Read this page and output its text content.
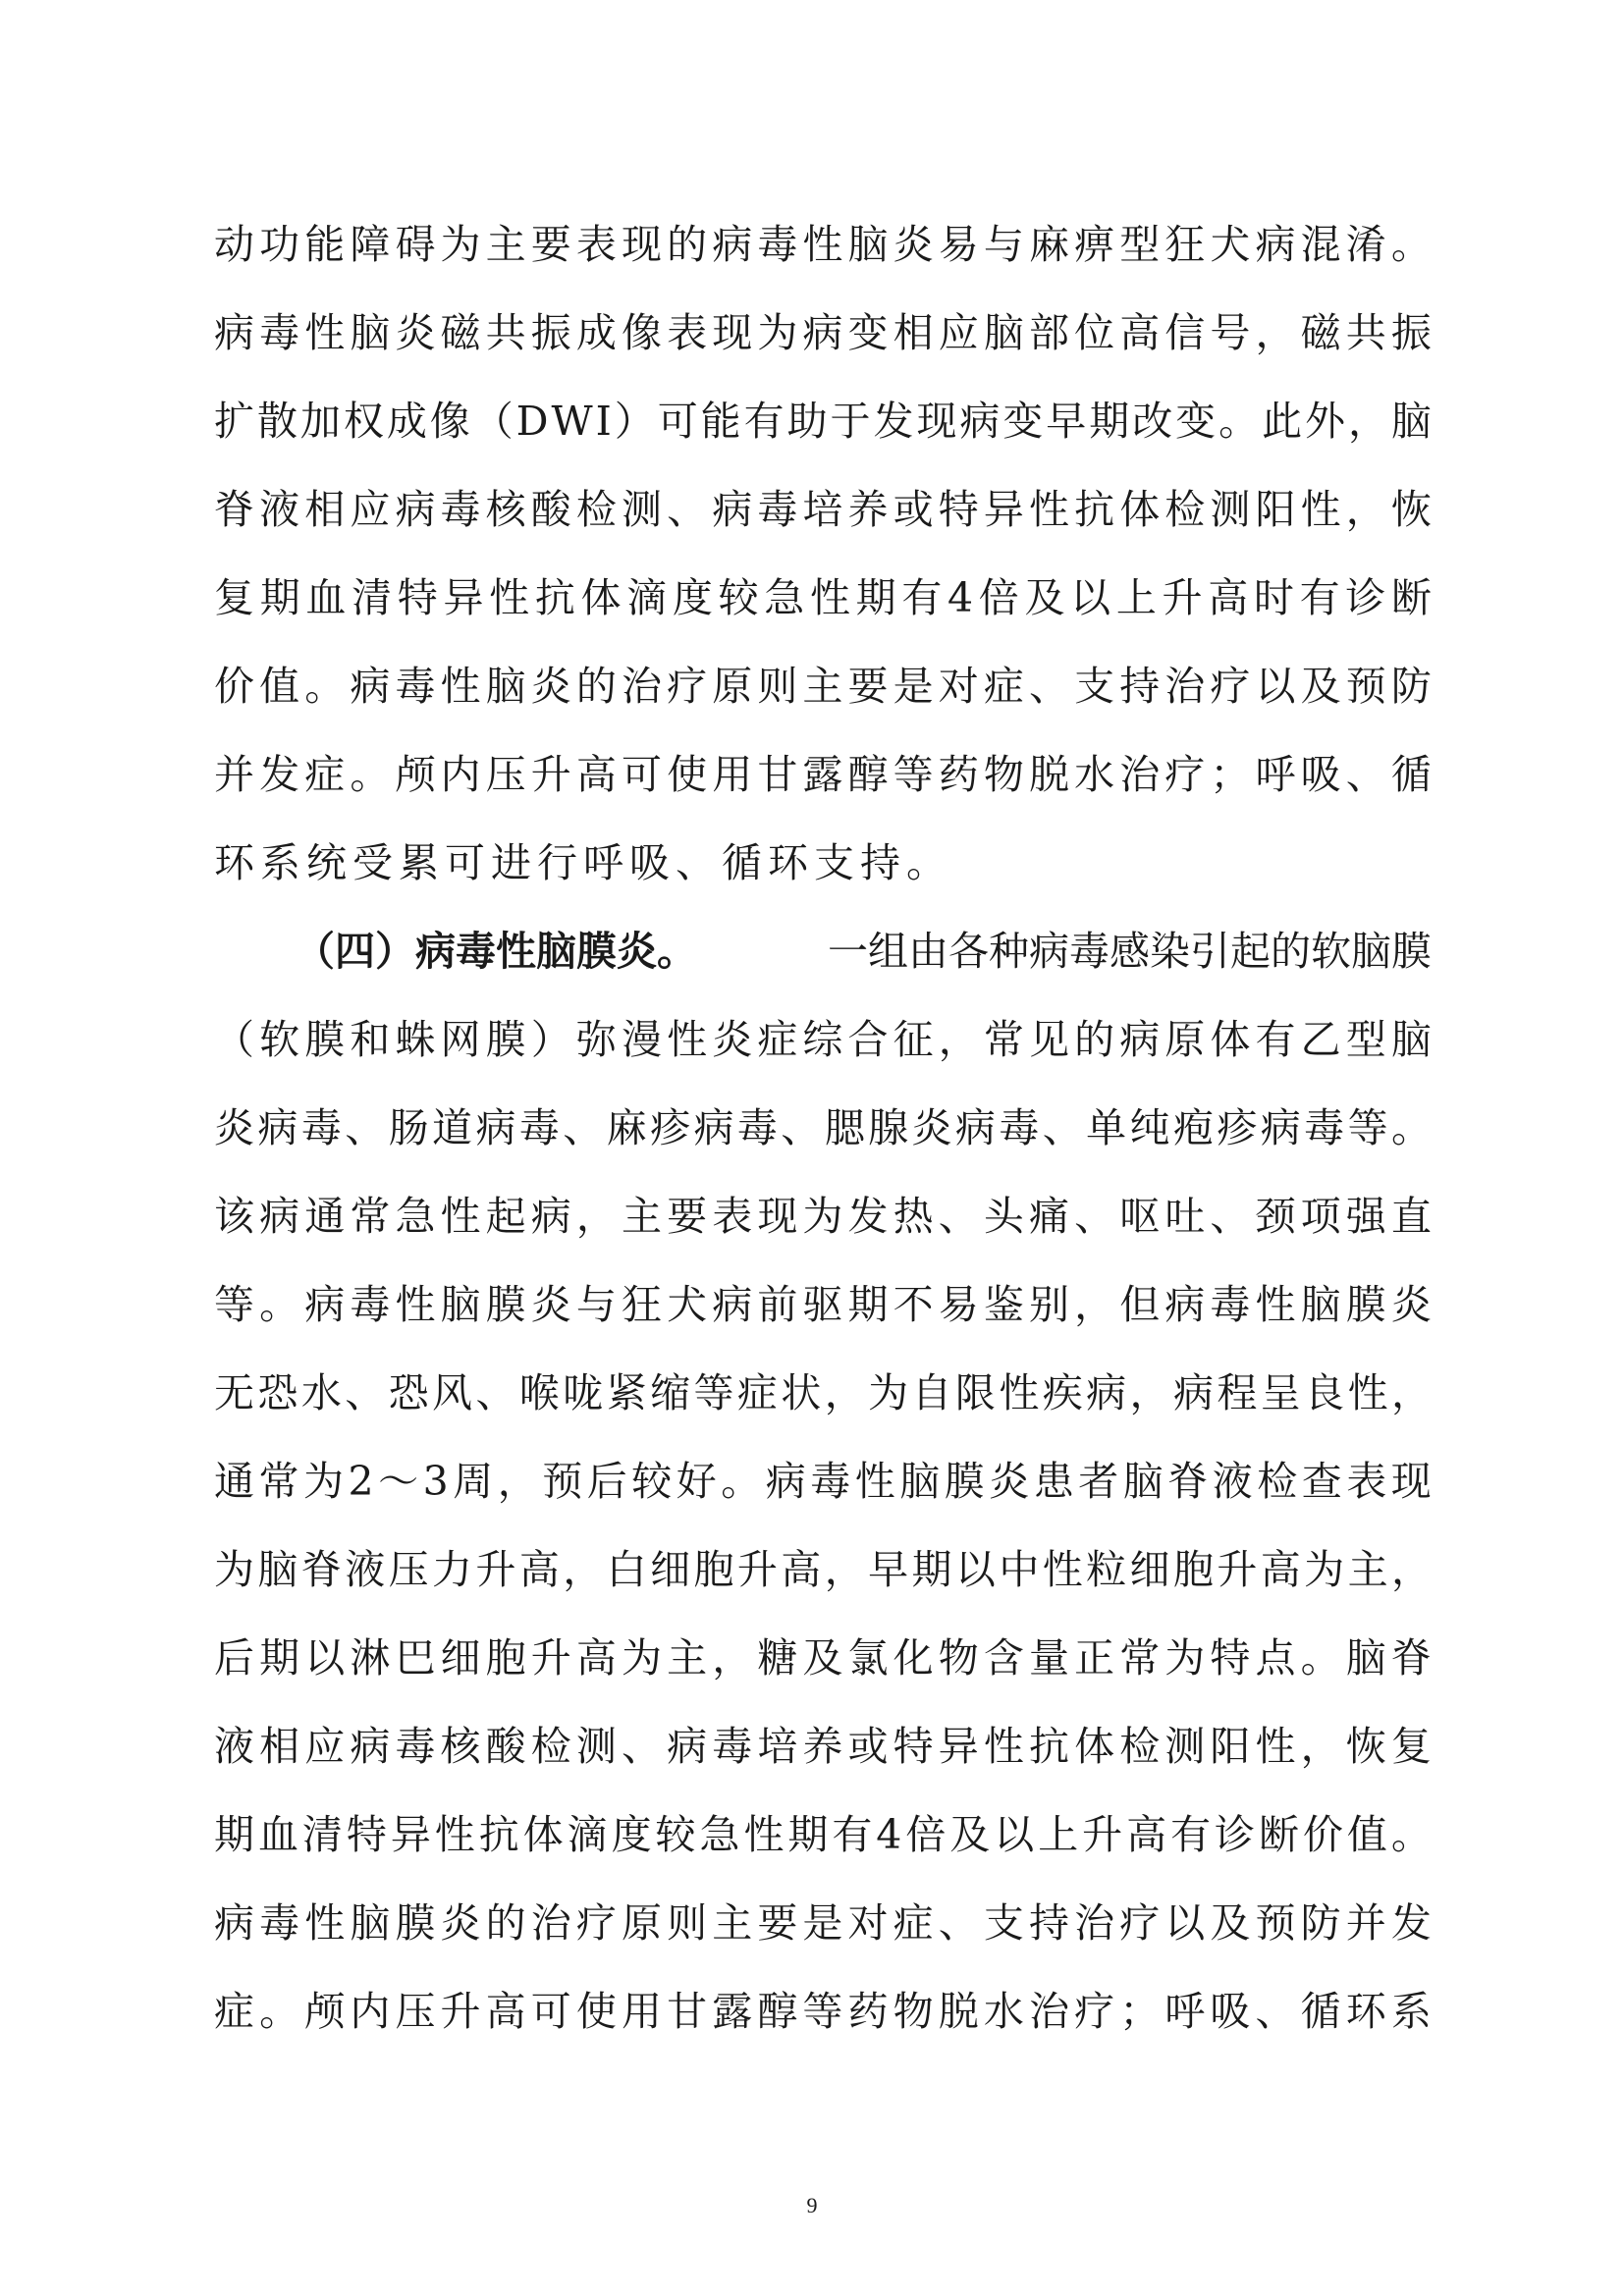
动 功 能 障 碍 为 主 要 表 现 的 病 毒 性 脑 炎 易 与 麻 痹 型 狂 犬 病 混 淆 。
病 毒 性 脑 炎 磁 共 振 成 像 表 现 为 病 变 相 应 脑 部 位 高 信 号 ， 磁 共 振
扩 散 加 权 成 像 （ D W I ） 可 能 有 助 于 发 现 病 变 早 期 改 变 。 此 外 ， 脑
脊 液 相 应 病 毒 核 酸 检 测 、 病 毒 培 养 或 特 异 性 抗 体 检 测 阳 性 ， 恢
复 期 血 清 特 异 性 抗 体 滴 度 较 急 性 期 有 4 倍 及 以 上 升 高 时 有 诊 断
价 值 。 病 毒 性 脑 炎 的 治 疗 原 则 主 要 是 对 症 、 支 持 治 疗 以 及 预 防
并 发 症 。 颅 内 压 升 高 可 使 用 甘 露 醇 等 药 物 脱 水 治 疗 ； 呼 吸 、 循
环系统受累可进行呼吸、循环支持。
（四）病毒性脑膜炎。	一组由各种病毒感染引起的软脑膜
（ 软 膜 和 蛛 网 膜 ） 弥 漫 性 炎 症 综 合 征 ， 常 见 的 病 原 体 有 乙 型 脑
炎 病 毒 、 肠 道 病 毒 、 麻 疹 病 毒 、 腮 腺 炎 病 毒 、 单 纯 疱 疹 病 毒 等 。
该 病 通 常 急 性 起 病 ， 主 要 表 现 为 发 热 、 头 痛 、 呕 吐 、 颈 项 强 直
等 。 病 毒 性 脑 膜 炎 与 狂 犬 病 前 驱 期 不 易 鉴 别 ， 但 病 毒 性 脑 膜 炎
无 恐 水 、 恐 风 、 喉 咙 紧 缩 等 症 状 ， 为 自 限 性 疾 病 ， 病 程 呈 良 性 ，
通 常 为 2 ～ 3 周 ， 预 后 较 好 。 病 毒 性 脑 膜 炎 患 者 脑 脊 液 检 查 表 现
为 脑 脊 液 压 力 升 高 ， 白 细 胞 升 高 ， 早 期 以 中 性 粒 细 胞 升 高 为 主 ，
后 期 以 淋 巴 细 胞 升 高 为 主 ， 糖 及 氯 化 物 含 量 正 常 为 特 点 。 脑 脊
液 相 应 病 毒 核 酸 检 测 、 病 毒 培 养 或 特 异 性 抗 体 检 测 阳 性 ， 恢 复
期 血 清 特 异 性 抗 体 滴 度 较 急 性 期 有 4 倍 及 以 上 升 高 有 诊 断 价 值 。
病 毒 性 脑 膜 炎 的 治 疗 原 则 主 要 是 对 症 、 支 持 治 疗 以 及 预 防 并 发
症 。 颅 内 压 升 高 可 使 用 甘 露 醇 等 药 物 脱 水 治 疗 ； 呼 吸 、 循 环 系
9
